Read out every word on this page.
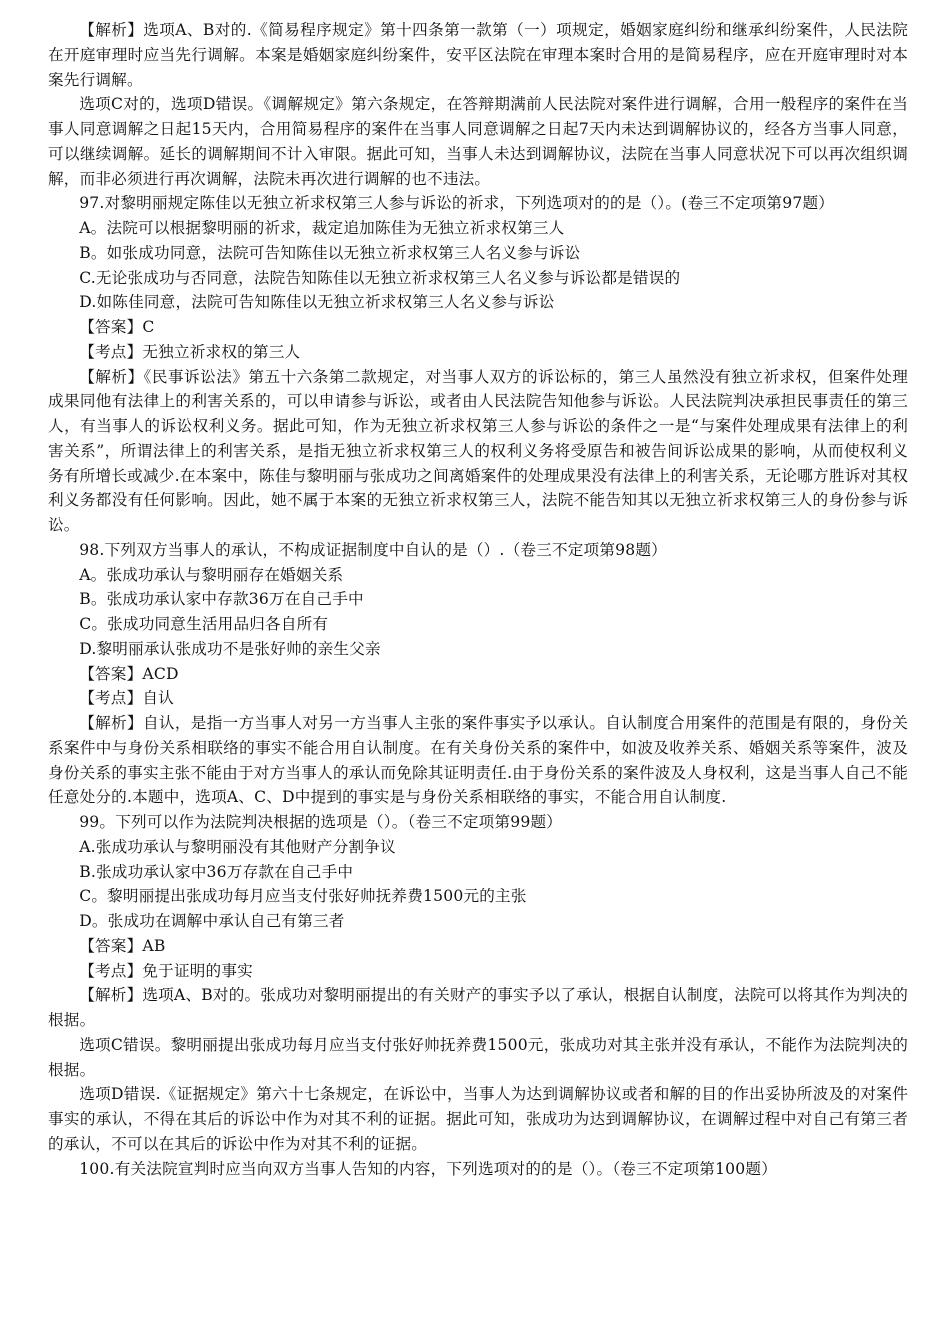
【解析】选项A、B对的.《简易程序规定》第十四条第一款第（一）项规定，婚姻家庭纠纷和继承纠纷案件，人民法院在开庭审理时应当先行调解。本案是婚姻家庭纠纷案件，安平区法院在审理本案时合用的是简易程序，应在开庭审理时对本案先行调解。

选项C对的，选项D错误。《调解规定》第六条规定，在答辩期满前人民法院对案件进行调解，合用一般程序的案件在当事人同意调解之日起15天内，合用简易程序的案件在当事人同意调解之日起7天内未达到调解协议的，经各方当事人同意，可以继续调解。延长的调解期间不计入审限。据此可知，当事人未达到调解协议，法院在当事人同意状况下可以再次组织调解，而非必须进行再次调解，法院未再次进行调解的也不违法。

97.对黎明丽规定陈佳以无独立祈求权第三人参与诉讼的祈求，下列选项对的的是（）。(卷三不定项第97题）

A。法院可以根据黎明丽的祈求，裁定追加陈佳为无独立祈求权第三人

B。如张成功同意，法院可告知陈佳以无独立祈求权第三人名义参与诉讼

C.无论张成功与否同意，法院告知陈佳以无独立祈求权第三人名义参与诉讼都是错误的

D.如陈佳同意，法院可告知陈佳以无独立祈求权第三人名义参与诉讼

【答案】C

【考点】无独立祈求权的第三人

【解析】《民事诉讼法》第五十六条第二款规定，对当事人双方的诉讼标的，第三人虽然没有独立祈求权，但案件处理成果同他有法律上的利害关系的，可以申请参与诉讼，或者由人民法院告知他参与诉讼。人民法院判决承担民事责任的第三人，有当事人的诉讼权利义务。据此可知，作为无独立祈求权第三人参与诉讼的条件之一是“与案件处理成果有法律上的利害关系”，所谓法律上的利害关系，是指无独立祈求权第三人的权利义务将受原告和被告间诉讼成果的影响，从而使权利义务有所增长或减少.在本案中，陈佳与黎明丽与张成功之间离婚案件的处理成果没有法律上的利害关系，无论哪方胜诉对其权利义务都没有任何影响。因此，她不属于本案的无独立祈求权第三人，法院不能告知其以无独立祈求权第三人的身份参与诉讼。

98.下列双方当事人的承认，不构成证据制度中自认的是（）.（卷三不定项第98题）

A。张成功承认与黎明丽存在婚姻关系

B。张成功承认家中存款36万在自己手中

C。张成功同意生活用品归各自所有

D.黎明丽承认张成功不是张好帅的亲生父亲

【答案】ACD

【考点】自认

【解析】自认，是指一方当事人对另一方当事人主张的案件事实予以承认。自认制度合用案件的范围是有限的，身份关系案件中与身份关系相联络的事实不能合用自认制度。在有关身份关系的案件中，如波及收养关系、婚姻关系等案件，波及身份关系的事实主张不能由于对方当事人的承认而免除其证明责任.由于身份关系的案件波及人身权利，这是当事人自己不能任意处分的.本题中，选项A、C、D中提到的事实是与身份关系相联络的事实，不能合用自认制度.

99。下列可以作为法院判决根据的选项是（）。（卷三不定项第99题）

A.张成功承认与黎明丽没有其他财产分割争议

B.张成功承认家中36万存款在自己手中

C。黎明丽提出张成功每月应当支付张好帅抚养费1500元的主张

D。张成功在调解中承认自己有第三者

【答案】AB

【考点】免于证明的事实

【解析】选项A、B对的。张成功对黎明丽提出的有关财产的事实予以了承认，根据自认制度，法院可以将其作为判决的根据。

选项C错误。黎明丽提出张成功每月应当支付张好帅抚养费1500元，张成功对其主张并没有承认，不能作为法院判决的根据。

选项D错误.《证据规定》第六十七条规定，在诉讼中，当事人为达到调解协议或者和解的目的作出妥协所波及的对案件事实的承认，不得在其后的诉讼中作为对其不利的证据。据此可知，张成功为达到调解协议，在调解过程中对自己有第三者的承认，不可以在其后的诉讼中作为对其不利的证据。

100.有关法院宣判时应当向双方当事人告知的内容，下列选项对的的是（）。（卷三不定项第100题）
